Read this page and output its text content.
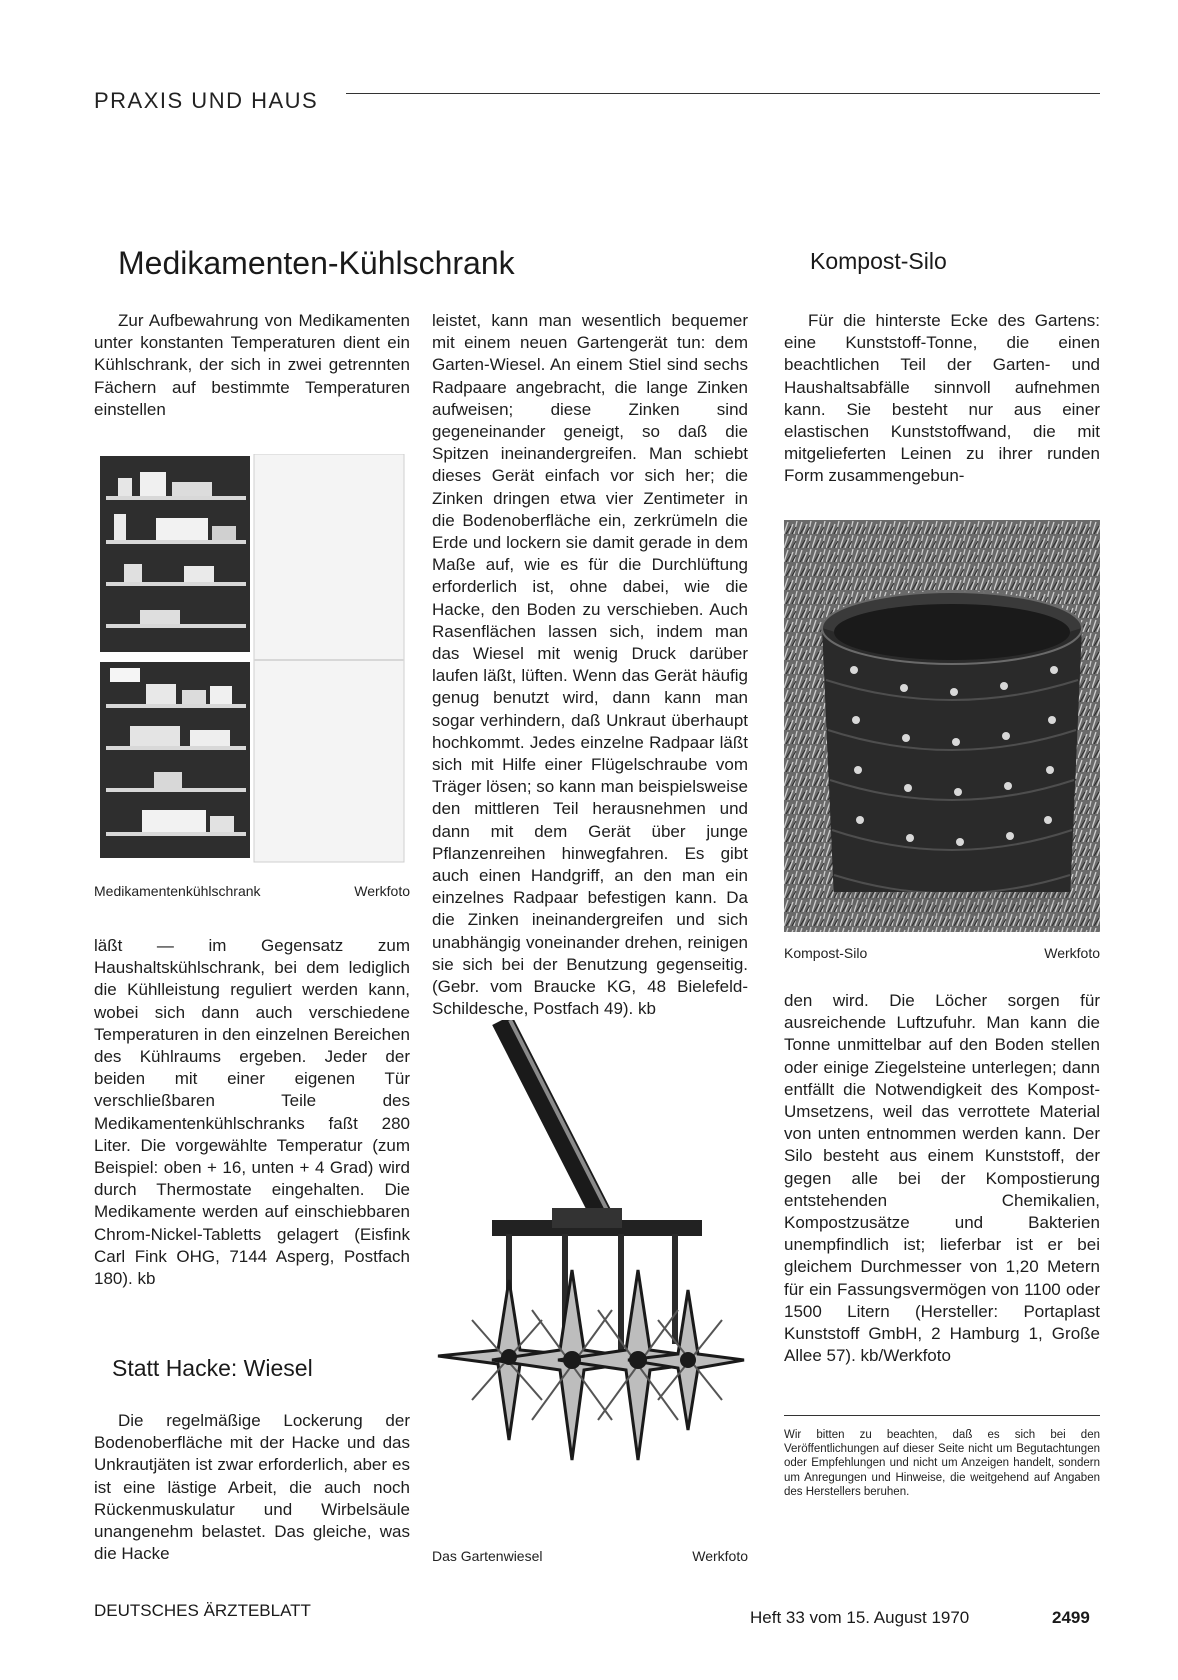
PRAXIS UND HAUS
Medikamenten-Kühlschrank

Zur Aufbewahrung von Medikamenten unter konstanten Temperaturen dient ein Kühlschrank, der sich in zwei getrennten Fächern auf bestimmte Temperaturen einstellen

Medikamentenkühlschrank	Werkfoto

läßt — im Gegensatz zum Haushaltskühlschrank, bei dem lediglich die Kühlleistung reguliert werden kann, wobei sich dann auch verschiedene Temperaturen in den einzelnen Bereichen des Kühlraums ergeben. Jeder der beiden mit einer eigenen Tür verschließbaren Teile des Medikamentenkühlschranks faßt 280 Liter. Die vorgewählte Temperatur (zum Beispiel: oben + 16, unten + 4 Grad) wird durch Thermostate eingehalten. Die Medikamente werden auf einschiebbaren Chrom-Nickel-Tabletts gelagert (Eisfink Carl Fink OHG, 7144 Asperg, Postfach 180). kb

Statt Hacke: Wiesel

Die regelmäßige Lockerung der Bodenoberfläche mit der Hacke und das Unkrautjäten ist zwar erforderlich, aber es ist eine lästige Arbeit, die auch noch Rückenmuskulatur und Wirbelsäule unangenehm belastet. Das gleiche, was die Hacke

leistet, kann man wesentlich bequemer mit einem neuen Gartengerät tun: dem Garten-Wiesel. An einem Stiel sind sechs Radpaare angebracht, die lange Zinken aufweisen; diese Zinken sind gegeneinander geneigt, so daß die Spitzen ineinandergreifen. Man schiebt dieses Gerät einfach vor sich her; die Zinken dringen etwa vier Zentimeter in die Bodenoberfläche ein, zerkrümeln die Erde und lockern sie damit gerade in dem Maße auf, wie es für die Durchlüftung erforderlich ist, ohne dabei, wie die Hacke, den Boden zu verschieben. Auch Rasenflächen lassen sich, indem man das Wiesel mit wenig Druck darüber laufen läßt, lüften. Wenn das Gerät häufig genug benutzt wird, dann kann man sogar verhindern, daß Unkraut überhaupt hochkommt. Jedes einzelne Radpaar läßt sich mit Hilfe einer Flügelschraube vom Träger lösen; so kann man beispielsweise den mittleren Teil herausnehmen und dann mit dem Gerät über junge Pflanzenreihen hinwegfahren. Es gibt auch einen Handgriff, an den man ein einzelnes Radpaar befestigen kann. Da die Zinken ineinandergreifen und sich unabhängig voneinander drehen, reinigen sie sich bei der Benutzung gegenseitig. (Gebr. vom Braucke KG, 48 Bielefeld-Schildesche, Postfach 49). kb

Das Gartenwiesel	Werkfoto
Kompost-Silo

Für die hinterste Ecke des Gartens: eine Kunststoff-Tonne, die einen beachtlichen Teil der Garten- und Haushaltsabfälle sinnvoll aufnehmen kann. Sie besteht nur aus einer elastischen Kunststoffwand, die mit mitgelieferten Leinen zu ihrer runden Form zusammengebun-

Kompost-Silo	Werkfoto

den wird. Die Löcher sorgen für ausreichende Luftzufuhr. Man kann die Tonne unmittelbar auf den Boden stellen oder einige Ziegelsteine unterlegen; dann entfällt die Notwendigkeit des Kompost-Umsetzens, weil das verrottete Material von unten entnommen werden kann. Der Silo besteht aus einem Kunststoff, der gegen alle bei der Kompostierung entstehenden Chemikalien, Kompostzusätze und Bakterien unempfindlich ist; lieferbar ist er bei gleichem Durchmesser von 1,20 Metern für ein Fassungsvermögen von 1100 oder 1500 Litern (Hersteller: Portaplast Kunststoff GmbH, 2 Hamburg 1, Große Allee 57). kb/Werkfoto

Wir bitten zu beachten, daß es sich bei den Veröffentlichungen auf dieser Seite nicht um Begutachtungen oder Empfehlungen und nicht um Anzeigen handelt, sondern um Anregungen und Hinweise, die weitgehend auf Angaben des Herstellers beruhen.
DEUTSCHES ÄRZTEBLATT	Heft 33 vom 15. August 1970	2499
